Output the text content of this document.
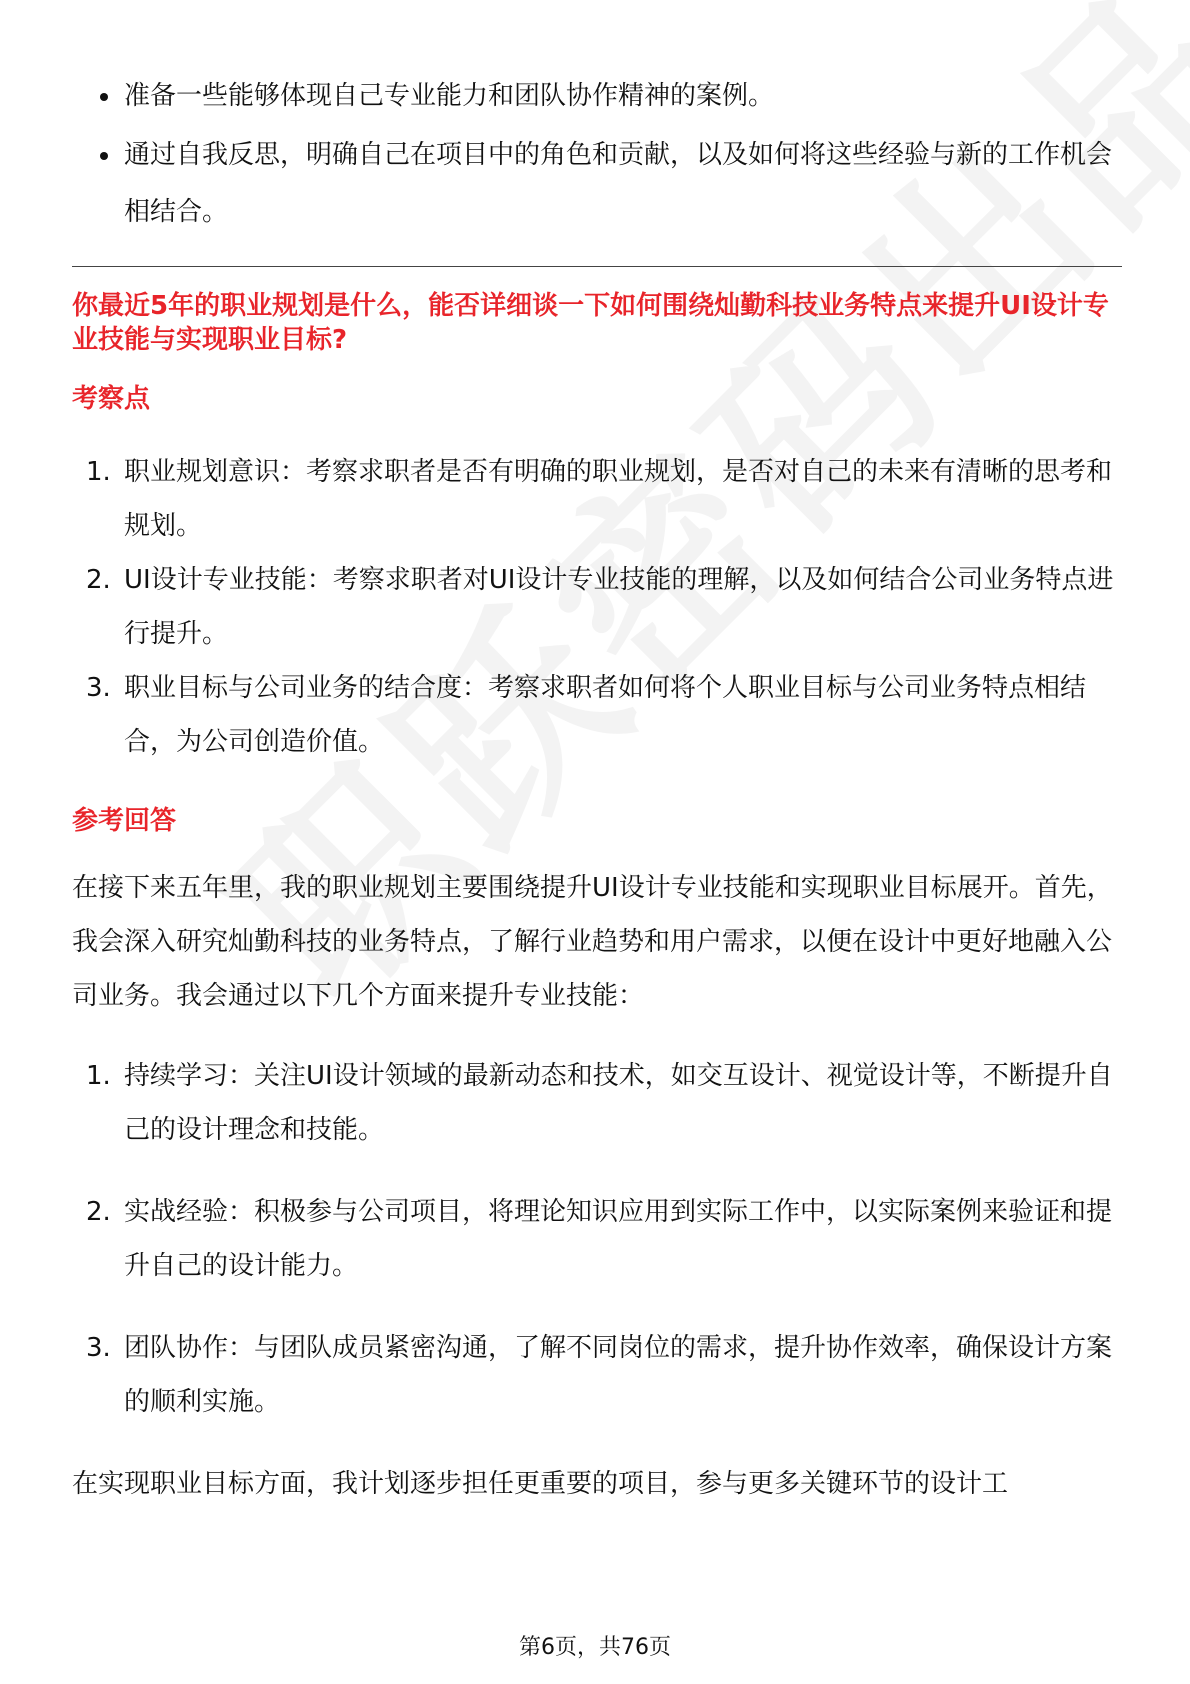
准备一些能够体现自己专业能力和团队协作精神的案例。
通过自我反思，明确自己在项目中的角色和贡献，以及如何将这些经验与新的工作机会相结合。
你最近5年的职业规划是什么，能否详细谈一下如何围绕灿勤科技业务特点来提升UI设计专业技能与实现职业目标?
考察点
1. 职业规划意识：考察求职者是否有明确的职业规划，是否对自己的未来有清晰的思考和规划。
2. UI设计专业技能：考察求职者对UI设计专业技能的理解，以及如何结合公司业务特点进行提升。
3. 职业目标与公司业务的结合度：考察求职者如何将个人职业目标与公司业务特点相结合，为公司创造价值。
参考回答

在接下来五年里，我的职业规划主要围绕提升UI设计专业技能和实现职业目标展开。首先，我会深入研究灿勤科技的业务特点，了解行业趋势和用户需求，以便在设计中更好地融入公司业务。我会通过以下几个方面来提升专业技能：

1. 持续学习：关注UI设计领域的最新动态和技术，如交互设计、视觉设计等，不断提升自己的设计理念和技能。
2. 实战经验：积极参与公司项目，将理论知识应用到实际工作中，以实际案例来验证和提升自己的设计能力。
3. 团队协作：与团队成员紧密沟通，了解不同岗位的需求，提升协作效率，确保设计方案的顺利实施。

在实现职业目标方面，我计划逐步担任更重要的项目，参与更多关键环节的设计工

第6页，共76页
